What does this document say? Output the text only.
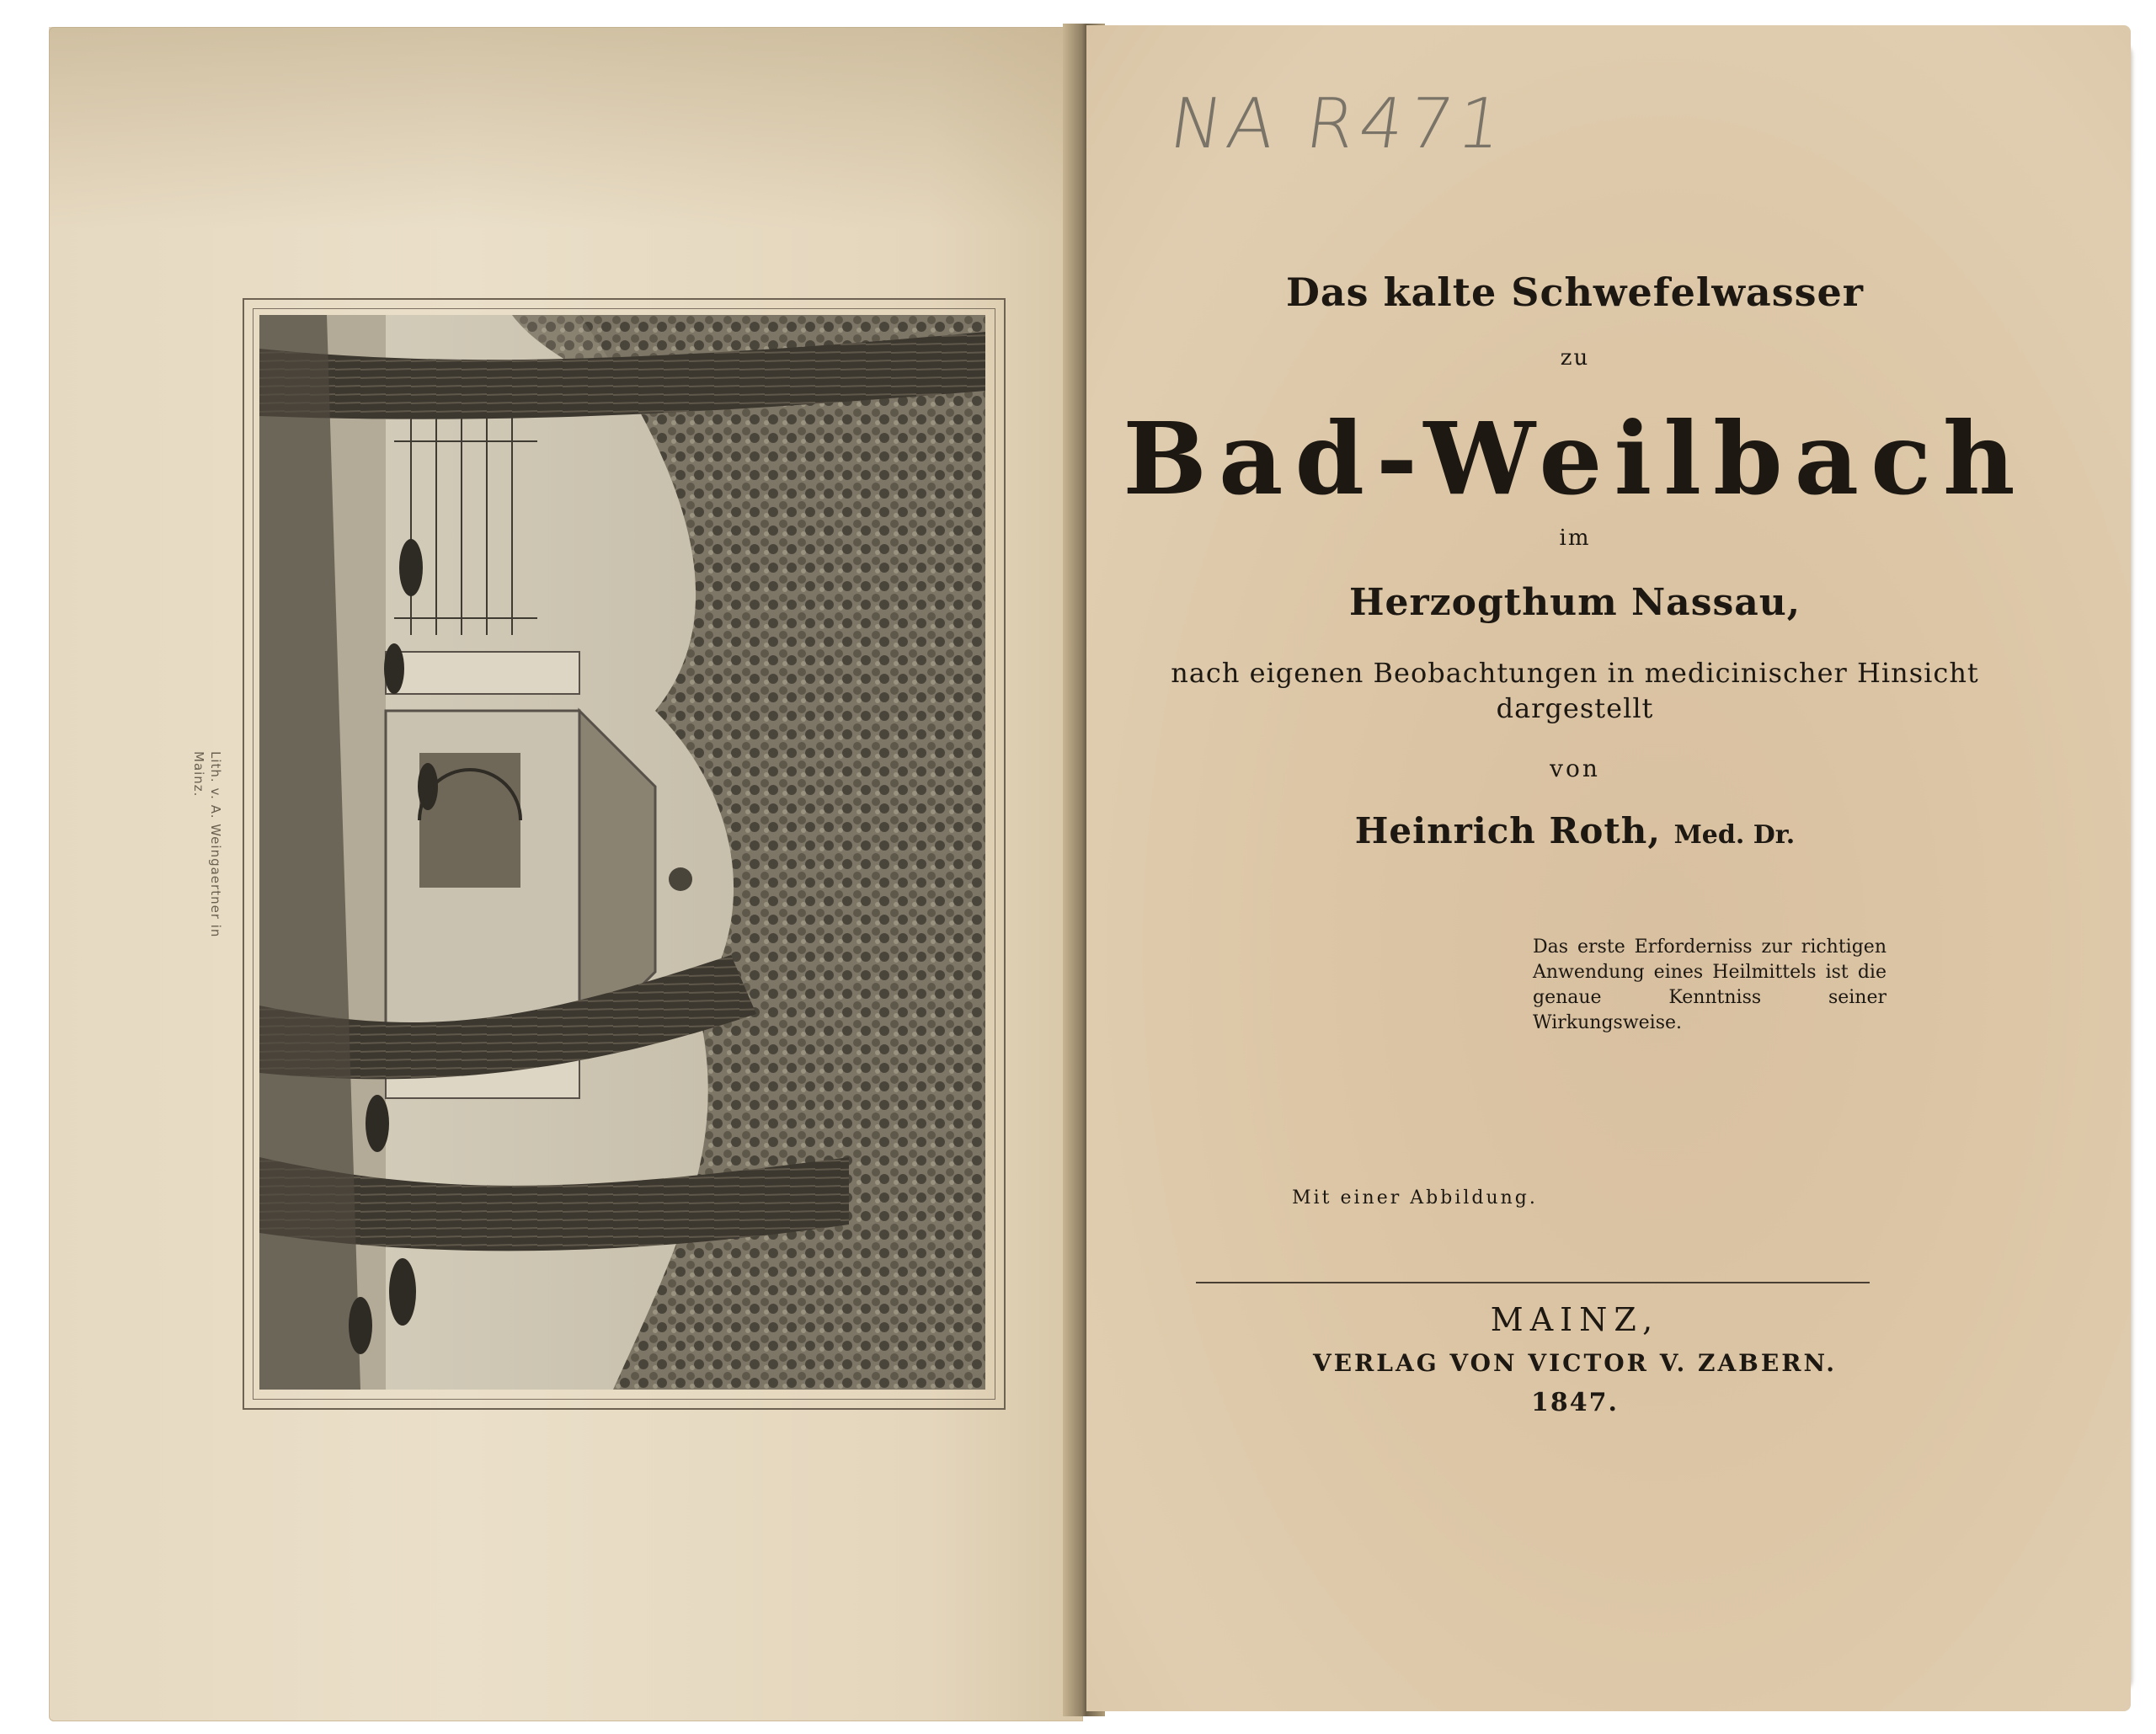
Lith. v. A. Weingaertner in Mainz.
NA R471
Das kalte Schwefelwasser
zu
Bad-Weilbach
im
Herzogthum Nassau,
nach eigenen Beobachtungen in medicinischer Hinsicht
dargestellt
von
Heinrich Roth, Med. Dr.
Das erste Erforderniss zur richtigen Anwendung eines Heilmittels ist die genaue Kenntniss seiner Wirkungsweise.
Mit einer Abbildung.
MAINZ,
VERLAG VON VICTOR V. ZABERN.
1847.
